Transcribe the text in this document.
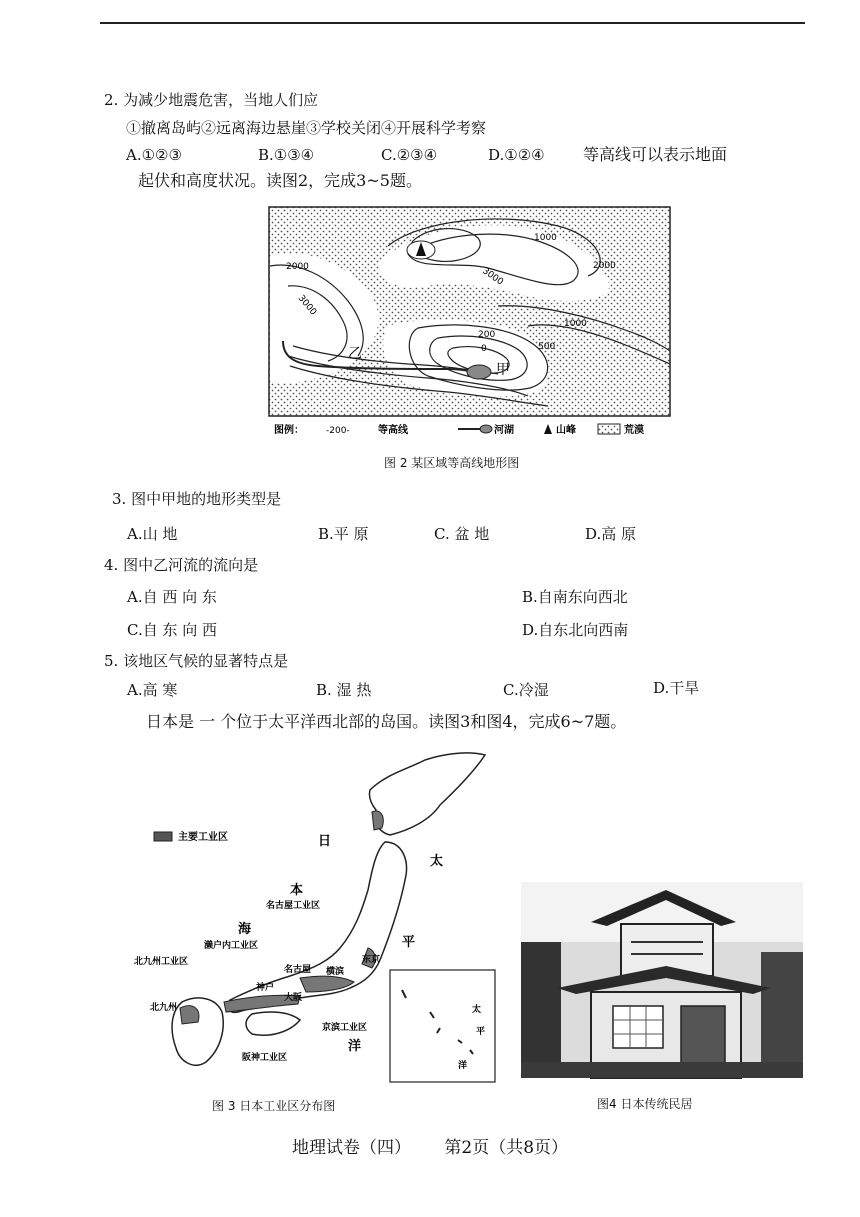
2. 为减少地震危害，当地人们应
①撤离岛屿②远离海边悬崖③学校关闭④开展科学考察
A.①②③	B.①③④	C.②③④	D.①②④ 等高线可以表示地面
起伏和高度状况。读图2，完成3~5题。
1000
2000
3000
2000
3000
1000
200
0	500
乙
甲
图例： -200-	等高线	河湖	山峰	荒漠
图 2 某区域等高线地形图
3. 图中甲地的地形类型是
A.山 地	B.平 原	C. 盆 地	D.高 原
4. 图中乙河流的流向是
A.自 西 向 东	B.自南东向西北
C.自 东 向 西	D.自东北向西南
5. 该地区气候的显著特点是
A.高 寒	B. 湿 热	C.冷湿	D.干旱
日本是 一 个位于太平洋西北部的岛国。读图3和图4，完成6~7题。
主要工业区	日
太
本
名古屋工业区
海
濑户内工业区	平
北九州工业区
北九州
神户
名古屋 横滨
东京
大阪
京滨工业区
阪神工业区
洋
太
平
洋
图 3 日本工业区分布图	图4 日本传统民居
地理试卷（四） 第2页（共8页）
